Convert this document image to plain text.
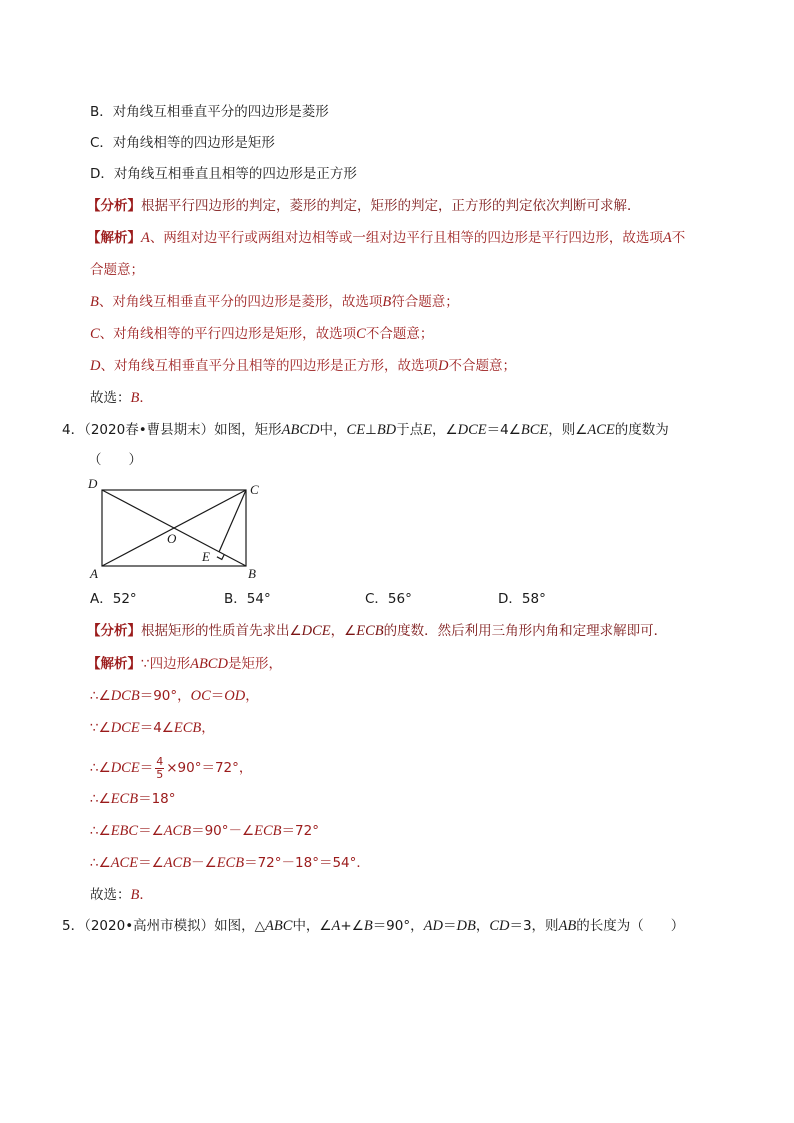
B．对角线互相垂直平分的四边形是菱形
C．对角线相等的四边形是矩形
D．对角线互相垂直且相等的四边形是正方形
【分析】根据平行四边形的判定，菱形的判定，矩形的判定，正方形的判定依次判断可求解．
【解析】A、两组对边平行或两组对边相等或一组对边平行且相等的四边形是平行四边形，故选项A不
合题意；
B、对角线互相垂直平分的四边形是菱形，故选项B符合题意；
C、对角线相等的平行四边形是矩形，故选项C不合题意；
D、对角线互相垂直平分且相等的四边形是正方形，故选项D不合题意；
故选：B．
4．（2020春•曹县期末）如图，矩形ABCD中，CE⊥BD于点E，∠DCE＝4∠BCE，则∠ACE的度数为
（　　）
D	C
O
E
A	B
A．52°	B．54°	C．56°	D．58°
【分析】根据矩形的性质首先求出∠DCE，∠ECB的度数．然后利用三角形内角和定理求解即可．
【解析】∵四边形ABCD是矩形，
∴∠DCB＝90°，OC＝OD，
∵∠DCE＝4∠ECB，
∴∠DCE＝ $\frac{4}{5} \times 90^\circ=72^\circ$，
∴∠ECB＝18°
∴∠EBC＝∠ACB＝90°－∠ECB＝72°
∴∠ACE＝∠ACB－∠ECB＝72°－18°＝54°．
故选：B．
5．（2020•高州市模拟）如图，△ABC中，∠A+∠B＝90°，AD＝DB，CD＝3，则AB的长度为（　　）
